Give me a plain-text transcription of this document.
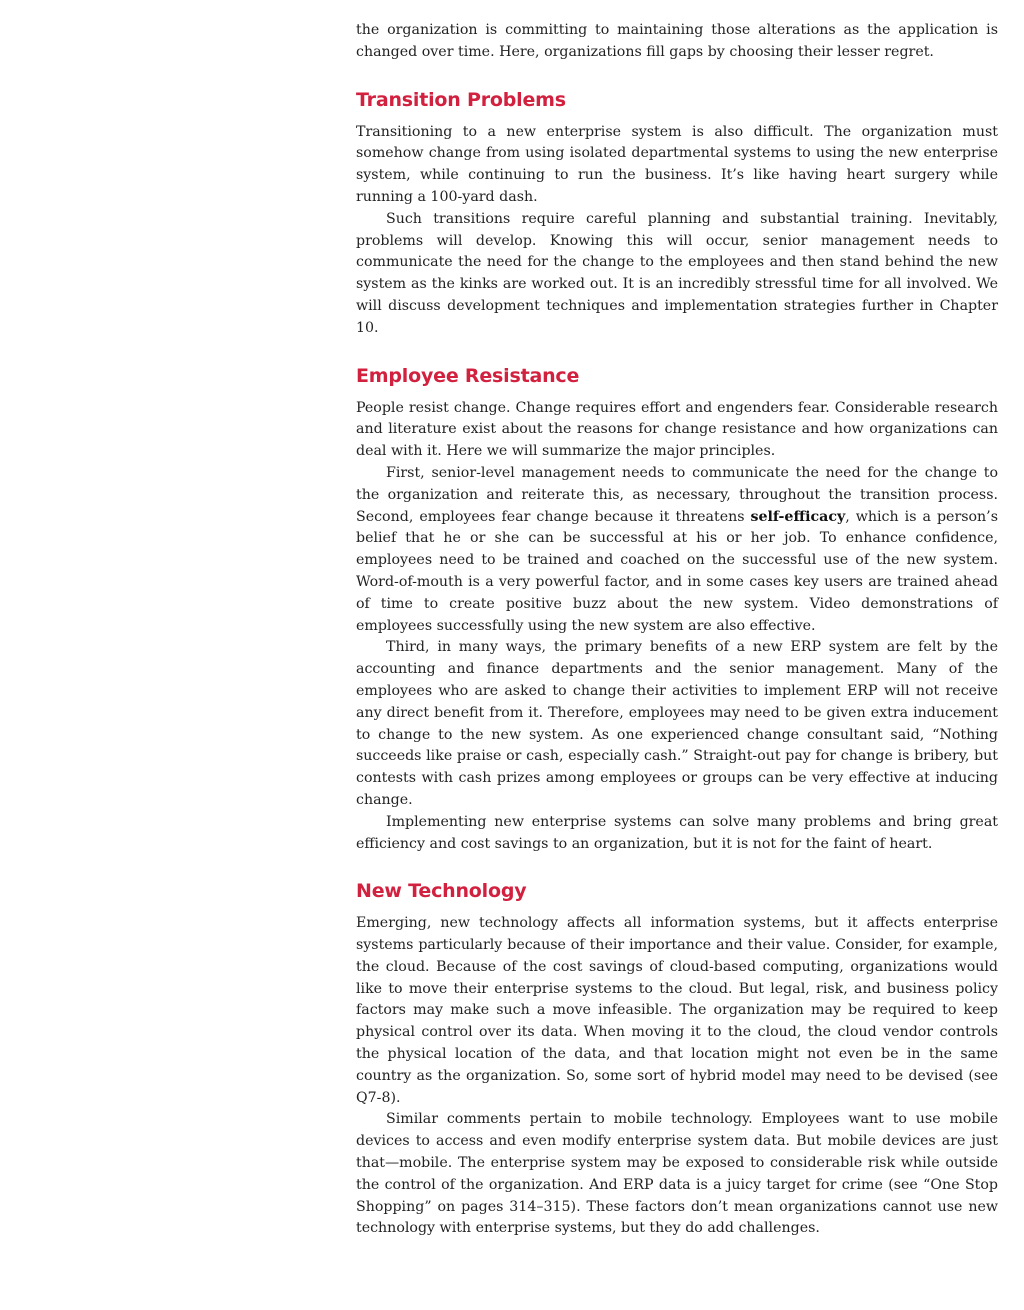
the organization is committing to maintaining those alterations as the application is changed over time. Here, organizations fill gaps by choosing their lesser regret.

Transition Problems

Transitioning to a new enterprise system is also difficult. The organization must somehow change from using isolated departmental systems to using the new enterprise system, while continuing to run the business. It’s like having heart surgery while running a 100-yard dash.

Such transitions require careful planning and substantial training. Inevitably, problems will develop. Knowing this will occur, senior management needs to communicate the need for the change to the employees and then stand behind the new system as the kinks are worked out. It is an incredibly stressful time for all involved. We will discuss development techniques and implementation strategies further in Chapter 10.

Employee Resistance

People resist change. Change requires effort and engenders fear. Considerable research and literature exist about the reasons for change resistance and how organizations can deal with it. Here we will summarize the major principles.

First, senior-level management needs to communicate the need for the change to the organization and reiterate this, as necessary, throughout the transition process. Second, employees fear change because it threatens self-efficacy, which is a person’s belief that he or she can be successful at his or her job. To enhance confidence, employees need to be trained and coached on the successful use of the new system. Word-of-mouth is a very powerful factor, and in some cases key users are trained ahead of time to create positive buzz about the new system. Video demonstrations of employees successfully using the new system are also effective.

Third, in many ways, the primary benefits of a new ERP system are felt by the accounting and finance departments and the senior management. Many of the employees who are asked to change their activities to implement ERP will not receive any direct benefit from it. Therefore, employees may need to be given extra inducement to change to the new system. As one experienced change consultant said, “Nothing succeeds like praise or cash, especially cash.” Straight-out pay for change is bribery, but contests with cash prizes among employees or groups can be very effective at inducing change.

Implementing new enterprise systems can solve many problems and bring great efficiency and cost savings to an organization, but it is not for the faint of heart.

New Technology

Emerging, new technology affects all information systems, but it affects enterprise systems particularly because of their importance and their value. Consider, for example, the cloud. Because of the cost savings of cloud-based computing, organizations would like to move their enterprise systems to the cloud. But legal, risk, and business policy factors may make such a move infeasible. The organization may be required to keep physical control over its data. When moving it to the cloud, the cloud vendor controls the physical location of the data, and that location might not even be in the same country as the organization. So, some sort of hybrid model may need to be devised (see Q7-8).

Similar comments pertain to mobile technology. Employees want to use mobile devices to access and even modify enterprise system data. But mobile devices are just that—mobile. The enterprise system may be exposed to considerable risk while outside the control of the organization. And ERP data is a juicy target for crime (see “One Stop Shopping” on pages 314–315). These factors don’t mean organizations cannot use new technology with enterprise systems, but they do add challenges.
